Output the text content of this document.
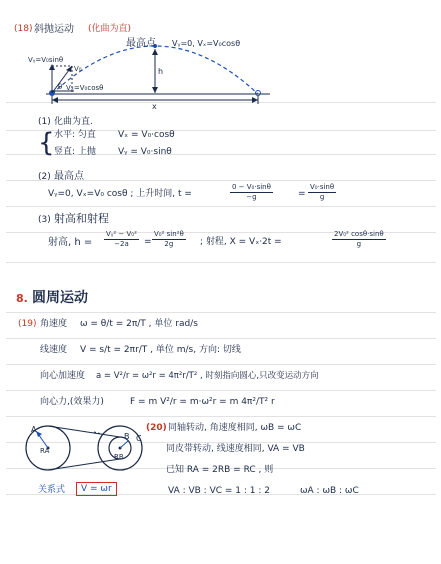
(18) 斜抛运动 (化曲为直)
最高点 Vᵧ=0, Vₓ=V₀cosθ
Vᵧ=V₀sinθ
V₀
θ Vₓ=V₀cosθ
h
x
(1) 化曲为直.
{ 水平: 匀直 Vₓ = V₀·cosθ
竖直: 上抛 Vᵧ = V₀·sinθ
(2) 最高点
Vᵧ=0, Vₓ=V₀ cosθ ; 上升时间, t =	$\frac{\text{0 − V₀·sinθ}}{-g}$	= $\frac{\text{V₀·sinθ}}{g}$
(3) 射高和射程
射高, $h = \frac{\text{Vᵧ² − V₀²}}{-2a} = \frac{\text{V₀² sin²θ}}{2g}$ ; 射程, X = Vₓ·2t =	$\frac{\text{2V₀² cosθ·sinθ}}{g}$
8. 圆周运动
(19) 角速度 ω = θ/t = 2π/T , 单位 rad/s
线速度 V = s/t = 2πr/T , 单位 m/s, 方向: 切线
向心加速度 a = V²/r = ω²r = 4π²r/T² , 时刻指向圆心,只改变运动方向
向心力,(效果力)	F = m V²/r = m·ω²r = m 4π²/T² r
A
RA
B C
RB
(20) 同轴转动, 角速度相同, ωB = ωC
同皮带转动, 线速度相同, VA = VB
已知 RA = 2RB = RC , 则
关系式	V = ωr	VA : VB : VC = 1 : 1 : 2	ωA : ωB : ωC
